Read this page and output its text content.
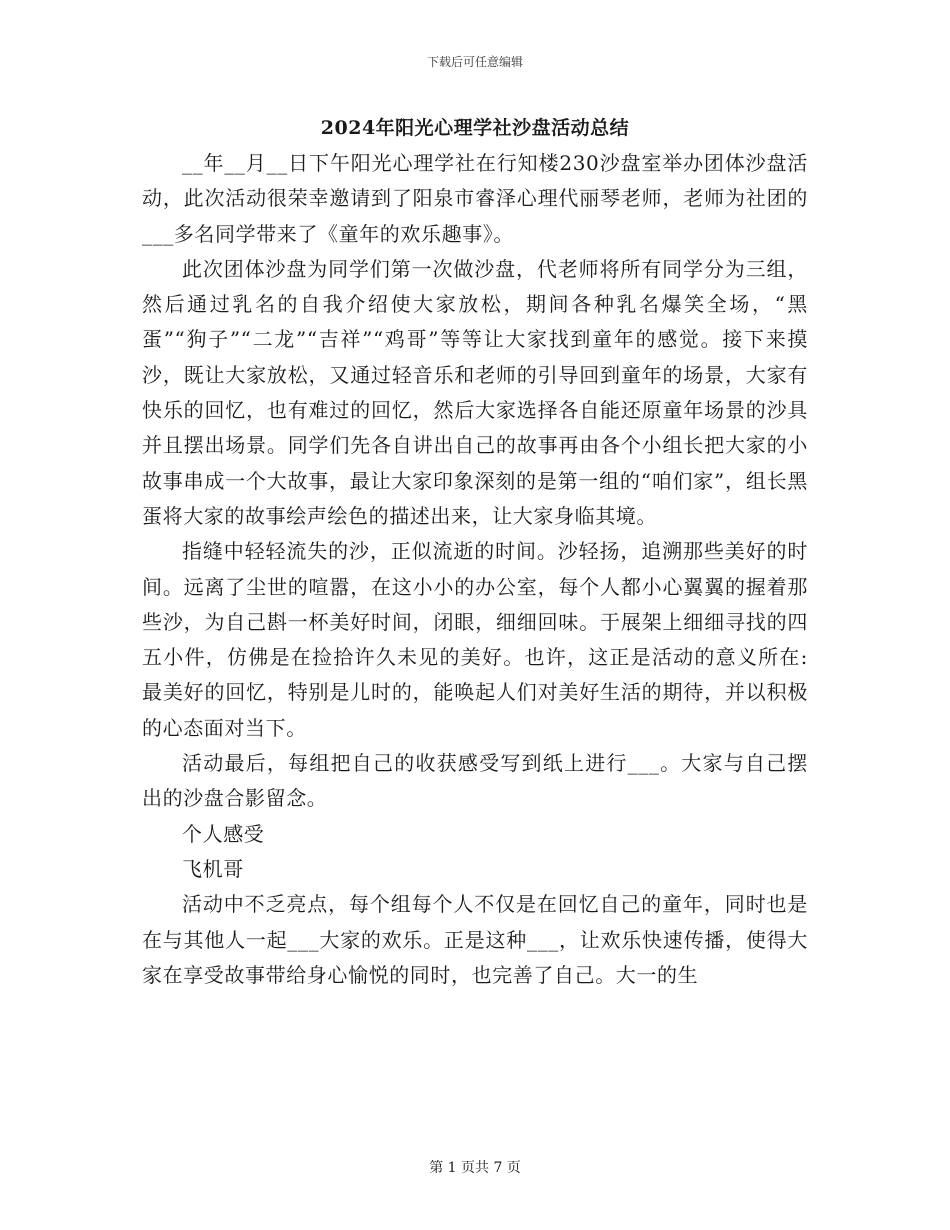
下载后可任意编辑
2024年阳光心理学社沙盘活动总结

__年__月__日下午阳光心理学社在行知楼230沙盘室举办团体沙盘活动，此次活动很荣幸邀请到了阳泉市睿泽心理代丽琴老师，老师为社团的___多名同学带来了《童年的欢乐趣事》。

此次团体沙盘为同学们第一次做沙盘，代老师将所有同学分为三组，然后通过乳名的自我介绍使大家放松，期间各种乳名爆笑全场，“黑蛋”“狗子”“二龙”“吉祥”“鸡哥”等等让大家找到童年的感觉。接下来摸沙，既让大家放松，又通过轻音乐和老师的引导回到童年的场景，大家有快乐的回忆，也有难过的回忆，然后大家选择各自能还原童年场景的沙具并且摆出场景。同学们先各自讲出自己的故事再由各个小组长把大家的小故事串成一个大故事，最让大家印象深刻的是第一组的“咱们家”，组长黑蛋将大家的故事绘声绘色的描述出来，让大家身临其境。

指缝中轻轻流失的沙，正似流逝的时间。沙轻扬，追溯那些美好的时间。远离了尘世的喧嚣，在这小小的办公室，每个人都小心翼翼的握着那些沙，为自己斟一杯美好时间，闭眼，细细回味。于展架上细细寻找的四五小件，仿佛是在捡拾许久未见的美好。也许，这正是活动的意义所在:最美好的回忆，特别是儿时的，能唤起人们对美好生活的期待，并以积极的心态面对当下。

活动最后，每组把自己的收获感受写到纸上进行___。大家与自己摆出的沙盘合影留念。

个人感受

飞机哥

活动中不乏亮点，每个组每个人不仅是在回忆自己的童年，同时也是在与其他人一起___大家的欢乐。正是这种___，让欢乐快速传播，使得大家在享受故事带给身心愉悦的同时，也完善了自己。大一的生

第 1 页共 7 页
